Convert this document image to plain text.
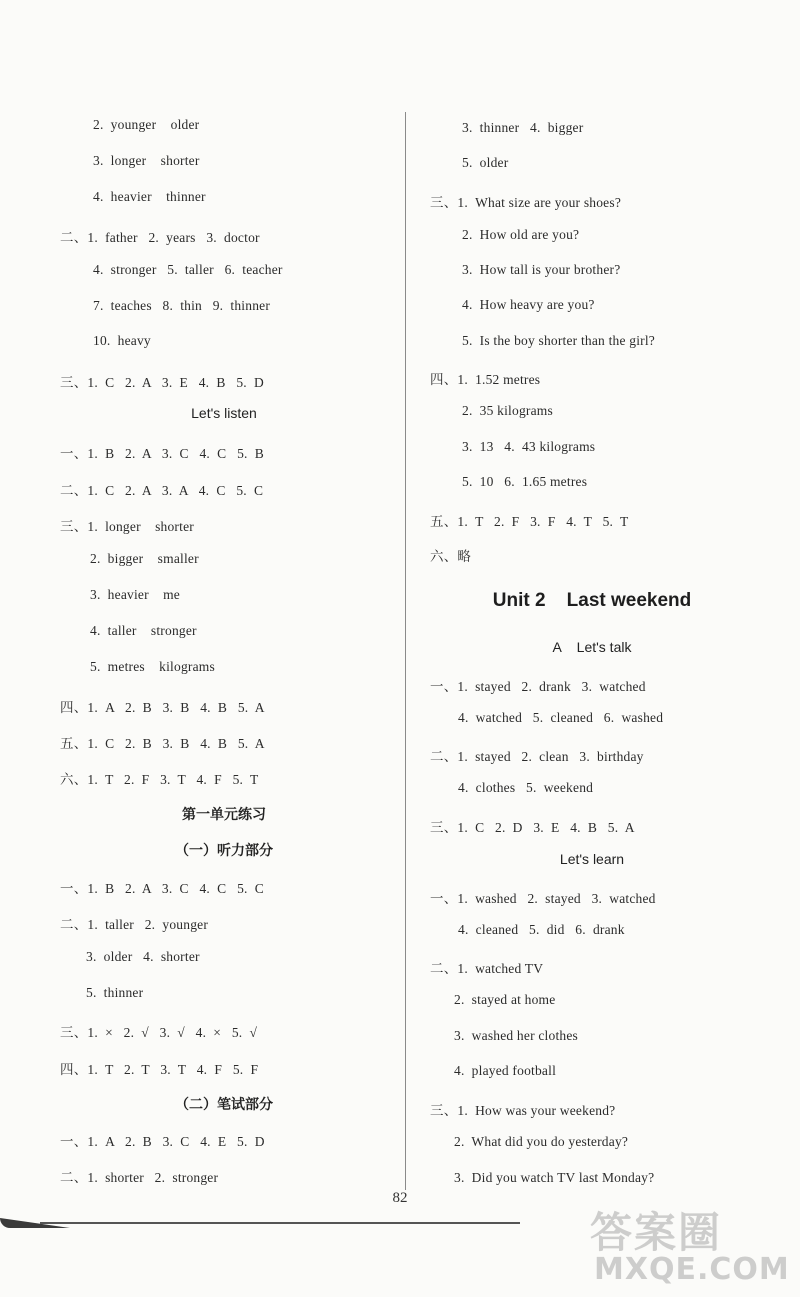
2.  younger    older
3.  longer    shorter
4.  heavier    thinner
二、1.  father   2.  years   3.  doctor
4.  stronger   5.  taller   6.  teacher
7.  teaches   8.  thin   9.  thinner
10.  heavy
三、1.  C   2.  A   3.  E   4.  B   5.  D
Let's listen
一、1.  B   2.  A   3.  C   4.  C   5.  B
二、1.  C   2.  A   3.  A   4.  C   5.  C
三、1.  longer    shorter
2.  bigger    smaller
3.  heavier    me
4.  taller    stronger
5.  metres    kilograms
四、1.  A   2.  B   3.  B   4.  B   5.  A
五、1.  C   2.  B   3.  B   4.  B   5.  A
六、1.  T   2.  F   3.  T   4.  F   5.  T
第一单元练习
（一）听力部分
一、1.  B   2.  A   3.  C   4.  C   5.  C
二、1.  taller   2.  younger
3.  older   4.  shorter
5.  thinner
三、1.  ×   2.  √   3.  √   4.  ×   5.  √
四、1.  T   2.  T   3.  T   4.  F   5.  F
（二）笔试部分
一、1.  A   2.  B   3.  C   4.  E   5.  D
二、1.  shorter   2.  stronger
3.  thinner   4.  bigger
5.  older
三、1.  What size are your shoes?
2.  How old are you?
3.  How tall is your brother?
4.  How heavy are you?
5.  Is the boy shorter than the girl?
四、1.  1.52 metres
2.  35 kilograms
3.  13   4.  43 kilograms
5.  10   6.  1.65 metres
五、1.  T   2.  F   3.  F   4.  T   5.  T
六、略
Unit 2    Last weekend
A    Let's talk
一、1.  stayed   2.  drank   3.  watched
4.  watched   5.  cleaned   6.  washed
二、1.  stayed   2.  clean   3.  birthday
4.  clothes   5.  weekend
三、1.  C   2.  D   3.  E   4.  B   5.  A
Let's learn
一、1.  washed   2.  stayed   3.  watched
4.  cleaned   5.  did   6.  drank
二、1.  watched TV
2.  stayed at home
3.  washed her clothes
4.  played football
三、1.  How was your weekend?
2.  What did you do yesterday?
3.  Did you watch TV last Monday?
82
答案圈
MXQE.COM
